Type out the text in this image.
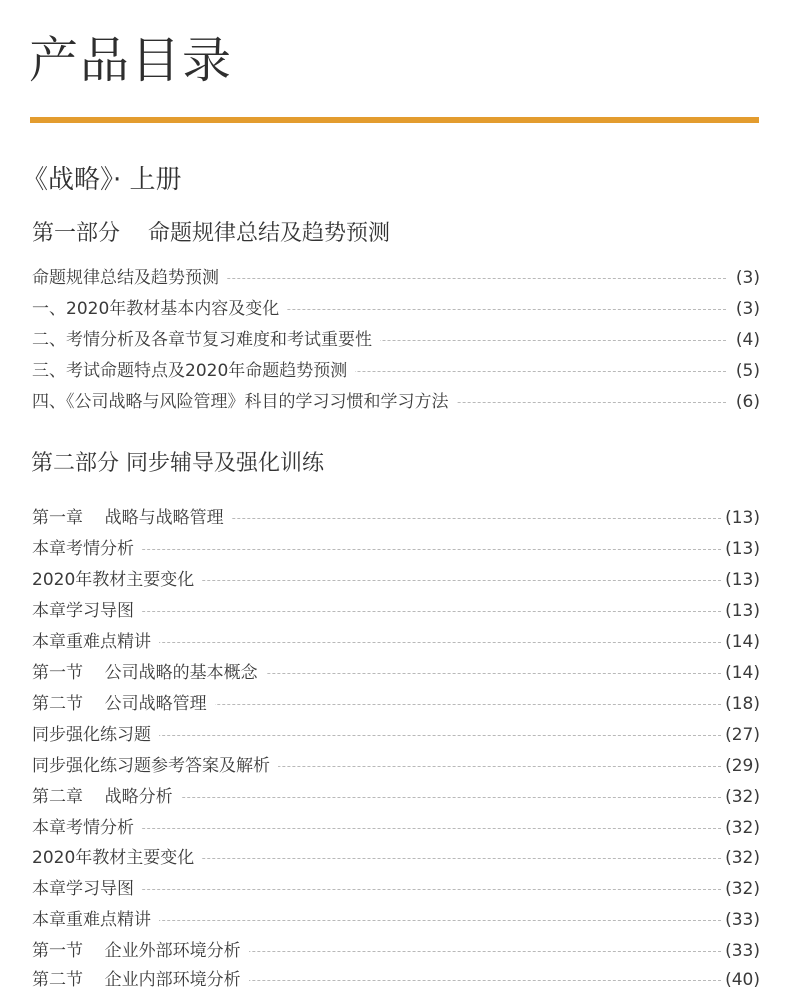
产品目录
《战略》· 上册
第一部分    命题规律总结及趋势预测
命题规律总结及趋势预测	(3)
一、2020年教材基本内容及变化	(3)
二、考情分析及各章节复习难度和考试重要性	(4)
三、考试命题特点及2020年命题趋势预测	(5)
四、《公司战略与风险管理》科目的学习习惯和学习方法	(6)
第二部分 同步辅导及强化训练
第一章    战略与战略管理	(13)
本章考情分析	(13)
2020年教材主要变化	(13)
本章学习导图	(13)
本章重难点精讲	(14)
第一节    公司战略的基本概念	(14)
第二节    公司战略管理	(18)
同步强化练习题	(27)
同步强化练习题参考答案及解析	(29)
第二章    战略分析	(32)
本章考情分析	(32)
2020年教材主要变化	(32)
本章学习导图	(32)
本章重难点精讲	(33)
第一节    企业外部环境分析	(33)
第二节    企业内部环境分析	(40)
